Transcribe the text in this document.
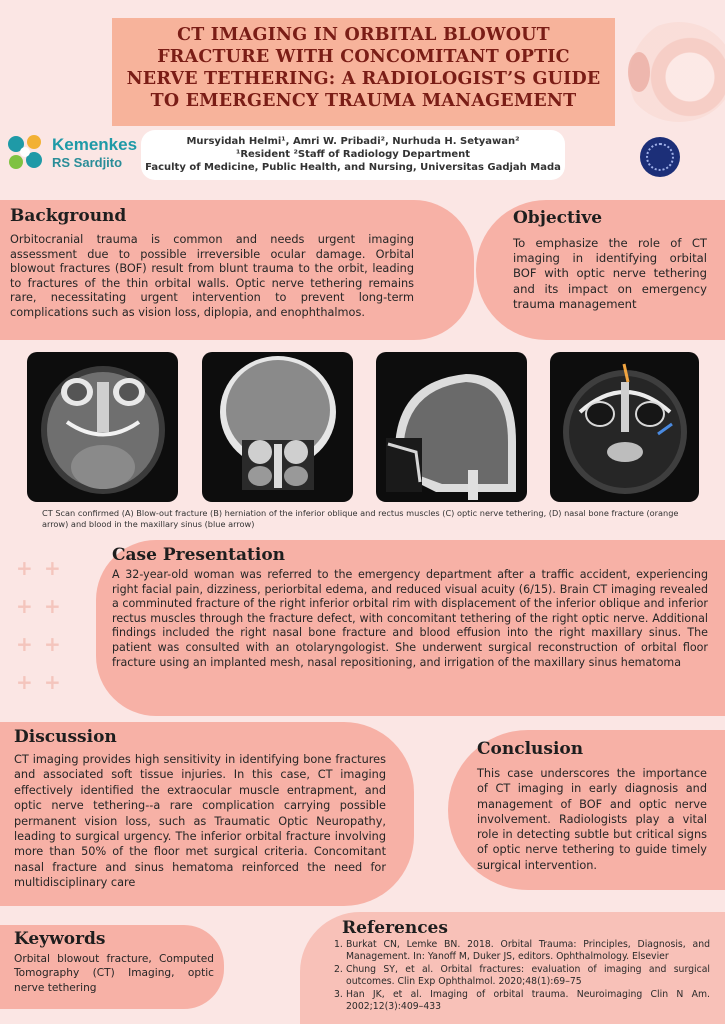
CT IMAGING IN ORBITAL BLOWOUT FRACTURE WITH CONCOMITANT OPTIC NERVE TETHERING: A RADIOLOGIST’S GUIDE TO EMERGENCY TRAUMA MANAGEMENT
Kemenkes
RS Sardjito
Mursyidah Helmi¹, Amri W. Pribadi², Nurhuda H. Setyawan²
¹Resident ²Staff of Radiology Department
Faculty of Medicine, Public Health, and Nursing, Universitas Gadjah Mada
Background
Orbitocranial trauma is common and needs urgent imaging assessment due to possible irreversible ocular damage. Orbital blowout fractures (BOF) result from blunt trauma to the orbit, leading to fractures of the thin orbital walls. Optic nerve tethering remains rare, necessitating urgent intervention to prevent long-term complications such as vision loss, diplopia, and enophthalmos.
Objective
To emphasize the role of CT imaging in identifying orbital BOF with optic nerve tethering and its impact on emergency trauma management
CT Scan confirmed (A) Blow-out fracture (B) herniation of the inferior oblique and rectus muscles (C) optic nerve tethering, (D) nasal bone fracture (orange arrow) and blood in the maxillary sinus (blue arrow)
+ +
+ +
+ +
+ +
Case Presentation
A 32-year-old woman was referred to the emergency department after a traffic accident, experiencing right facial pain, dizziness, periorbital edema, and reduced visual acuity (6/15). Brain CT imaging revealed a comminuted fracture of the right inferior orbital rim with displacement of the inferior oblique and inferior rectus muscles through the fracture defect, with concomitant tethering of the right optic nerve. Additional findings included the right nasal bone fracture and blood effusion into the right maxillary sinus. The patient was consulted with an otolaryngologist. She underwent surgical reconstruction of orbital floor fracture using an implanted mesh, nasal repositioning, and irrigation of the maxillary sinus hematoma
Discussion
CT imaging provides high sensitivity in identifying bone fractures and associated soft tissue injuries. In this case, CT imaging effectively identified the extraocular muscle entrapment, and optic nerve tethering--a rare complication carrying possible permanent vision loss, such as Traumatic Optic Neuropathy, leading to surgical urgency. The inferior orbital fracture involving more than 50% of the floor met surgical criteria. Concomitant nasal fracture and sinus hematoma reinforced the need for multidisciplinary care
Conclusion
This case underscores the importance of CT imaging in early diagnosis and management of BOF and optic nerve involvement. Radiologists play a vital role in detecting subtle but critical signs of optic nerve tethering to guide timely surgical intervention.
Keywords
Orbital blowout fracture, Computed Tomography (CT) Imaging, optic nerve tethering
References
1. Burkat CN, Lemke BN. 2018. Orbital Trauma: Principles, Diagnosis, and Management. In: Yanoff M, Duker JS, editors. Ophthalmology. Elsevier
2. Chung SY, et al. Orbital fractures: evaluation of imaging and surgical outcomes. Clin Exp Ophthalmol. 2020;48(1):69–75
3. Han JK, et al. Imaging of orbital trauma. Neuroimaging Clin N Am. 2002;12(3):409–433
